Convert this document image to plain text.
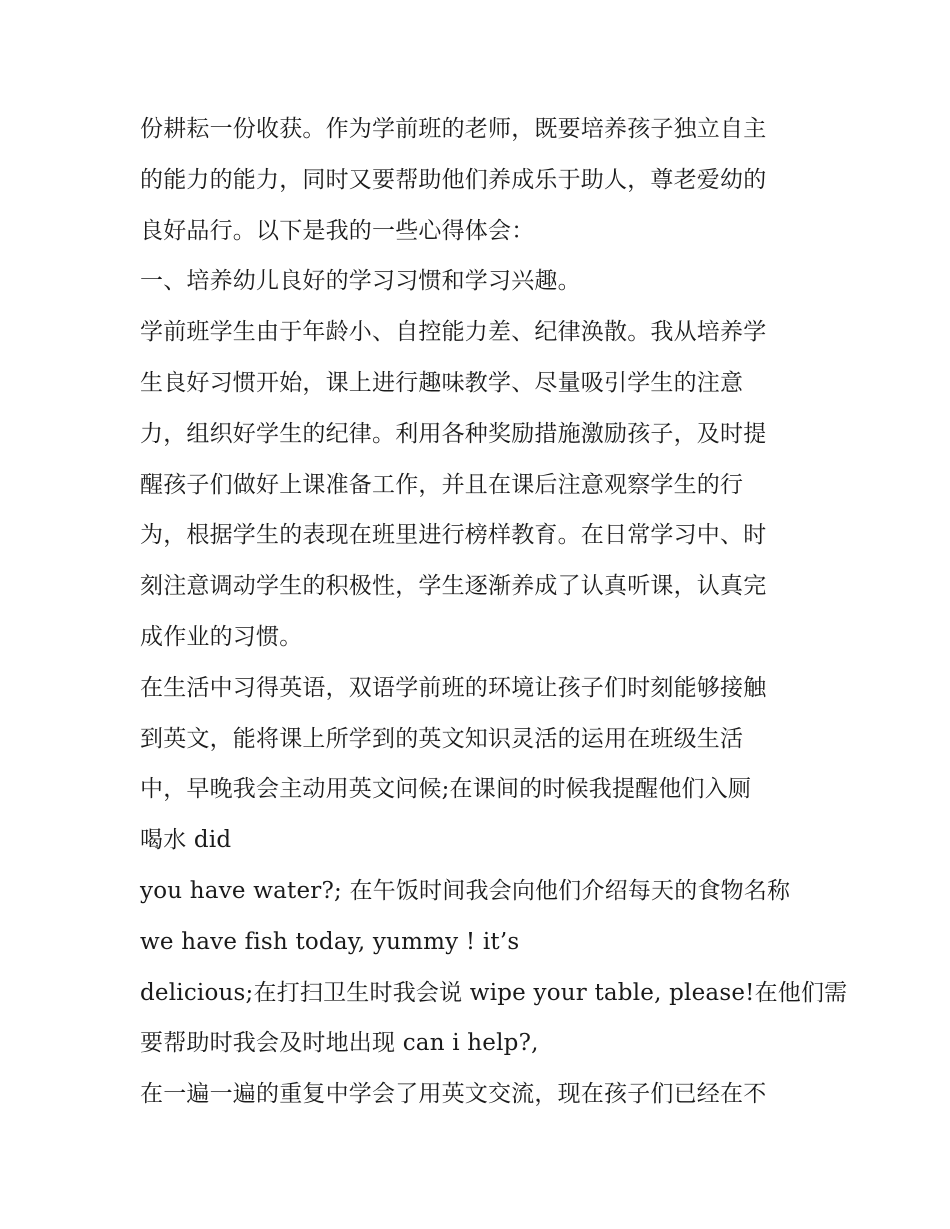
份耕耘一份收获。作为学前班的老师，既要培养孩子独立自主
的能力的能力，同时又要帮助他们养成乐于助人，尊老爱幼的
良好品行。以下是我的一些心得体会：
一、培养幼儿良好的学习习惯和学习兴趣。
学前班学生由于年龄小、自控能力差、纪律涣散。我从培养学
生良好习惯开始，课上进行趣味教学、尽量吸引学生的注意
力，组织好学生的纪律。利用各种奖励措施激励孩子，及时提
醒孩子们做好上课准备工作，并且在课后注意观察学生的行
为，根据学生的表现在班里进行榜样教育。在日常学习中、时
刻注意调动学生的积极性，学生逐渐养成了认真听课，认真完
成作业的习惯。
在生活中习得英语，双语学前班的环境让孩子们时刻能够接触
到英文，能将课上所学到的英文知识灵活的运用在班级生活
中，早晚我会主动用英文问候;在课间的时候我提醒他们入厕
喝水 did
you have water?; 在午饭时间我会向他们介绍每天的食物名称
we have fish today, yummy ! it’s
delicious;在打扫卫生时我会说 wipe your table, please!在他们需
要帮助时我会及时地出现 can i help?,
在一遍一遍的重复中学会了用英文交流，现在孩子们已经在不
